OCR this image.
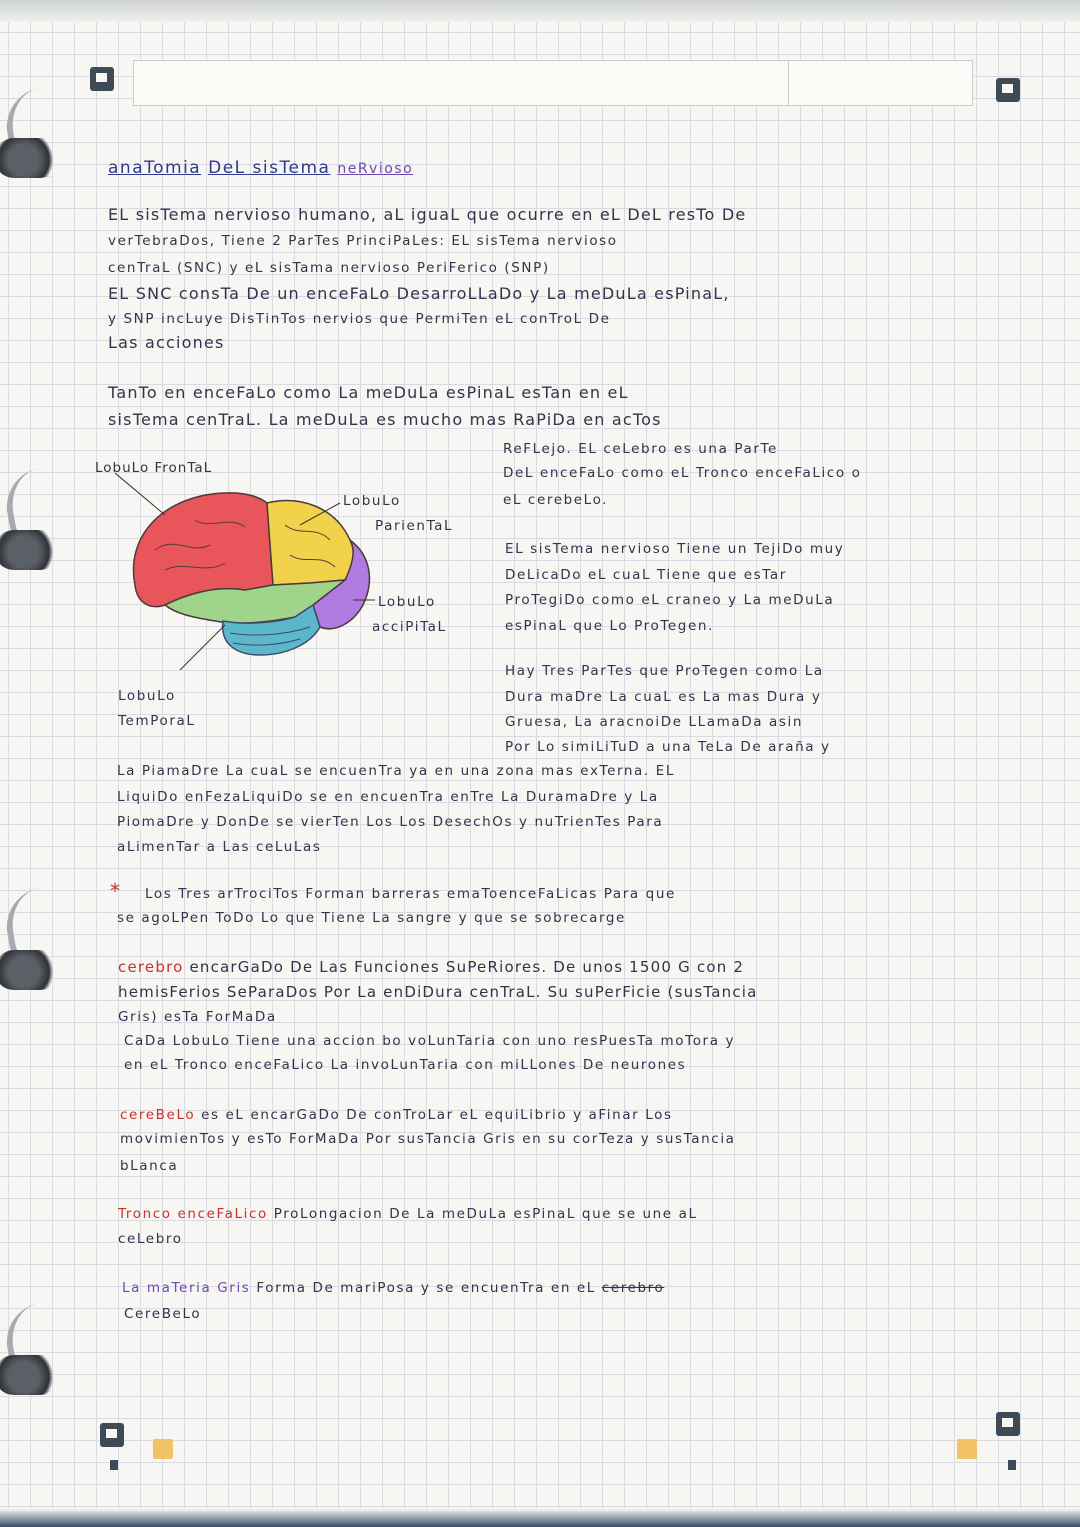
anaTomia DeL sisTema neRvioso

EL sisTema nervioso humano, aL iguaL que ocurre en eL DeL resTo De

verTebraDos, Tiene 2 ParTes PrinciPaLes: EL sisTema nervioso

cenTraL (SNC) y eL sisTama nervioso PeriFerico (SNP)

EL SNC consTa De un enceFaLo DesarroLLaDo y La meDuLa esPinaL,

y SNP incLuye DisTinTos nervios que PermiTen eL conTroL De

Las acciones

TanTo en enceFaLo como La meDuLa esPinaL esTan en eL

sisTema cenTraL. La meDuLa es mucho mas RaPiDa en acTos

ReFLejo. EL ceLebro es una ParTe

DeL enceFaLo como eL Tronco enceFaLico o

eL cerebeLo.

EL sisTema nervioso Tiene un TejiDo muy

DeLicaDo eL cuaL Tiene que esTar

ProTegiDo como eL craneo y La meDuLa

esPinaL que Lo ProTegen.

Hay Tres ParTes que ProTegen como La

Dura maDre La cuaL es La mas Dura y

Gruesa, La aracnoiDe LLamaDa asin

Por Lo simiLiTuD a una TeLa De araña y

LobuLo FronTaL

LobuLo

ParienTaL

LobuLo

acciPiTaL

LobuLo

TemPoraL

La PiamaDre La cuaL se encuenTra ya en una zona mas exTerna. EL

LiquiDo enFezaLiquiDo se en encuenTra enTre La DuramaDre y La

PiomaDre y DonDe se vierTen Los Los DesechOs y nuTrienTes Para

aLimenTar a Las ceLuLas

* Los Tres arTrociTos Forman barreras emaToenceFaLicas Para que

se agoLPen ToDo Lo que Tiene La sangre y que se sobrecarge

cerebro encarGaDo De Las Funciones SuPeRiores. De unos 1500 G con 2

hemisFerios SeParaDos Por La enDiDura cenTraL. Su suPerFicie (susTancia

Gris) esTa ForMaDa

CaDa LobuLo Tiene una accion bo voLunTaria con uno resPuesTa moTora y

en eL Tronco enceFaLico La invoLunTaria con miLLones De neurones

cereBeLo es eL encarGaDo De conTroLar eL equiLibrio y aFinar Los

movimienTos y esTo ForMaDa Por susTancia Gris en su corTeza y susTancia

bLanca

Tronco enceFaLico ProLongacion De La meDuLa esPinaL que se une aL

ceLebro

La maTeria Gris Forma De mariPosa y se encuenTra en eL cerebro

CereBeLo
